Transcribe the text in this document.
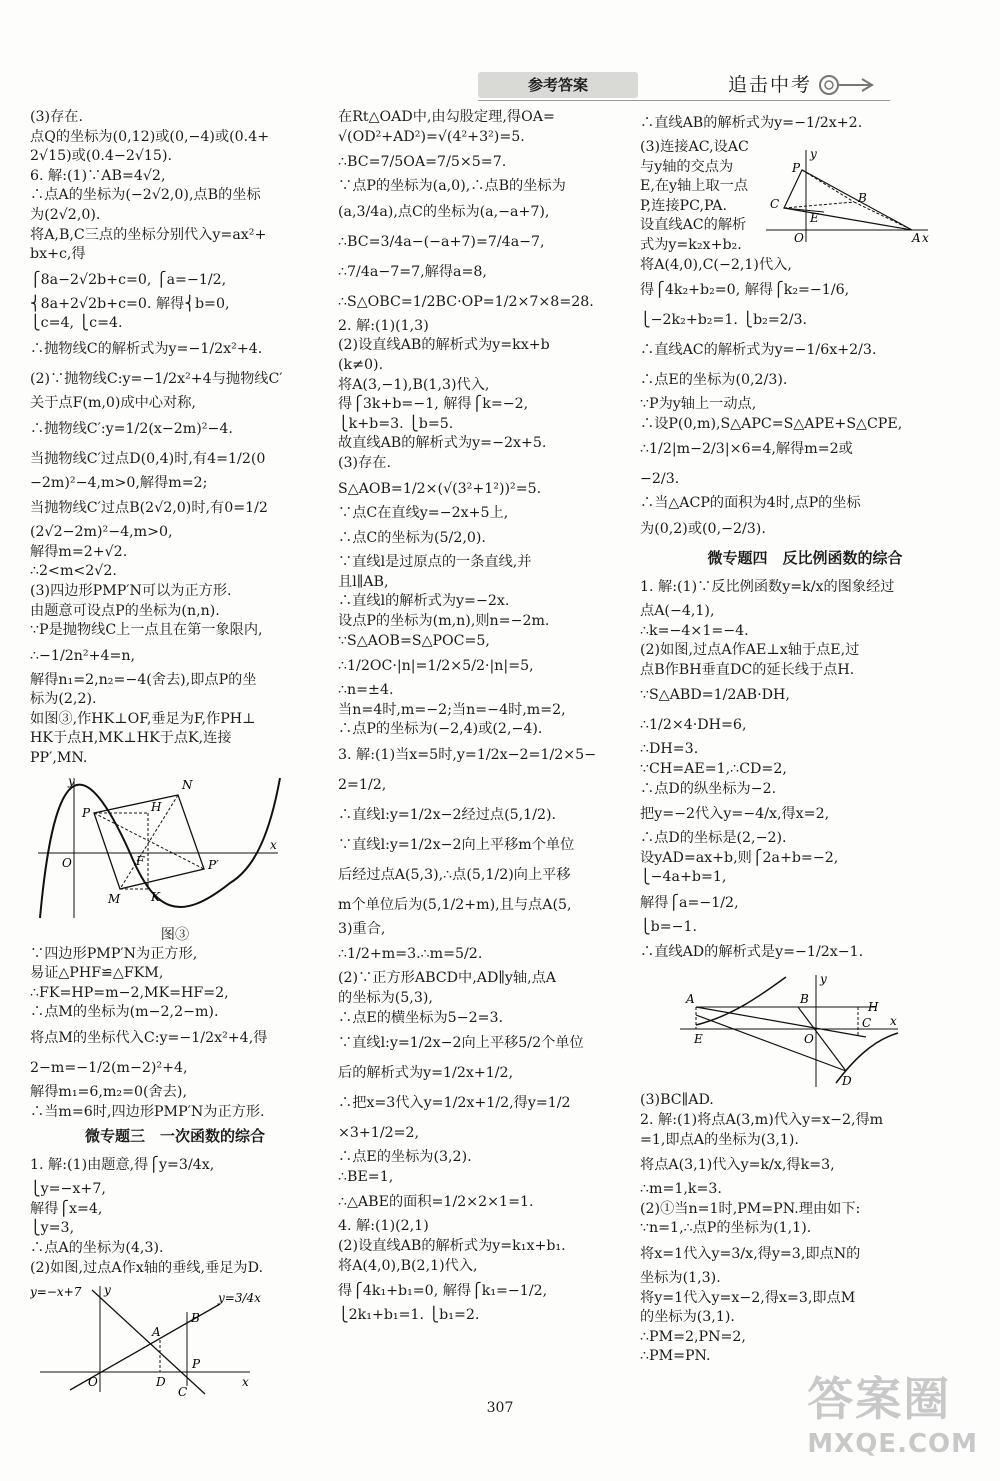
参考答案	追击中考
(3)存在.
点Q的坐标为(0,12)或(0,−4)或(0.4+
2√15)或(0.4−2√15).
6. 解:(1)∵AB=4√2,
∴点A的坐标为(−2√2,0),点B的坐标
为(2√2,0).
将A,B,C三点的坐标分别代入y=ax²+
bx+c,得
⎧8a−2√2b+c=0, ⎧a=−1/2,
⎨8a+2√2b+c=0. 解得⎨b=0,
⎩c=4, ⎩c=4.
∴抛物线C的解析式为y=−1/2x²+4.
(2)∵抛物线C:y=−1/2x²+4与抛物线C′
关于点F(m,0)成中心对称,
∴抛物线C′:y=1/2(x−2m)²−4.
当抛物线C′过点D(0,4)时,有4=1/2(0
−2m)²−4,m>0,解得m=2;
当抛物线C′过点B(2√2,0)时,有0=1/2
(2√2−2m)²−4,m>0,
解得m=2+√2.
∴2<m<2√2.
(3)四边形PMP′N可以为正方形.
由题意可设点P的坐标为(n,n).
∵P是抛物线C上一点且在第一象限内,
∴−1/2n²+4=n,
解得n₁=2,n₂=−4(舍去),即点P的坐
标为(2,2).
如图③,作HK⊥OF,垂足为F,作PH⊥
HK于点H,MK⊥HK于点K,连接
PP′,MN.
y
x
O
N
P	H
F	P′
M	K
图③
∵四边形PMP′N为正方形,
易证△PHF≌△FKM,
∴FK=HP=m−2,MK=HF=2,
∴点M的坐标为(m−2,2−m).
将点M的坐标代入C:y=−1/2x²+4,得
2−m=−1/2(m−2)²+4,
解得m₁=6,m₂=0(舍去),
∴当m=6时,四边形PMP′N为正方形.
微专题三　一次函数的综合
1. 解:(1)由题意,得⎧y=3/4x,
⎩y=−x+7,
解得⎧x=4,
⎩y=3,
∴点A的坐标为(4,3).
(2)如图,过点A作x轴的垂线,垂足为D.
y=−x+7	y=3/4x
A
B
C
D
O
P
x
y
在Rt△OAD中,由勾股定理,得OA=
√(OD²+AD²)=√(4²+3²)=5.
∴BC=7/5OA=7/5×5=7.
∵点P的坐标为(a,0),∴点B的坐标为
(a,3/4a),点C的坐标为(a,−a+7),
∴BC=3/4a−(−a+7)=7/4a−7,
∴7/4a−7=7,解得a=8,
∴S△OBC=1/2BC·OP=1/2×7×8=28.
2. 解:(1)(1,3)
(2)设直线AB的解析式为y=kx+b
(k≠0).
将A(3,−1),B(1,3)代入,
得⎧3k+b=−1, 解得⎧k=−2,
⎩k+b=3. ⎩b=5.
故直线AB的解析式为y=−2x+5.
(3)存在.
S△AOB=1/2×(√(3²+1²))²=5.
∵点C在直线y=−2x+5上,
∴点C的坐标为(5/2,0).
∵直线l是过原点的一条直线,并
且l∥AB,
∴直线l的解析式为y=−2x.
设点P的坐标为(m,n),则n=−2m.
∵S△AOB=S△POC=5,
∴1/2OC·|n|=1/2×5/2·|n|=5,
∴n=±4.
当n=4时,m=−2;当n=−4时,m=2,
∴点P的坐标为(−2,4)或(2,−4).
3. 解:(1)当x=5时,y=1/2x−2=1/2×5−
2=1/2,
∴直线l:y=1/2x−2经过点(5,1/2).
∵直线l:y=1/2x−2向上平移m个单位
后经过点A(5,3),∴点(5,1/2)向上平移
m个单位后为(5,1/2+m),且与点A(5,
3)重合,
∴1/2+m=3.∴m=5/2.
(2)∵正方形ABCD中,AD∥y轴,点A
的坐标为(5,3),
∴点E的横坐标为5−2=3.
∵直线l:y=1/2x−2向上平移5/2个单位
后的解析式为y=1/2x+1/2,
∴把x=3代入y=1/2x+1/2,得y=1/2
×3+1/2=2,
∴点E的坐标为(3,2).
∴BE=1,
∴△ABE的面积=1/2×2×1=1.
4. 解:(1)(2,1)
(2)设直线AB的解析式为y=k₁x+b₁.
将A(4,0),B(2,1)代入,
得⎧4k₁+b₁=0, 解得⎧k₁=−1/2,
⎩2k₁+b₁=1. ⎩b₁=2.
y
P
C	B
E
O	A x
∴直线AB的解析式为y=−1/2x+2.
(3)连接AC,设AC
与y轴的交点为
E,在y轴上取一点
P,连接PC,PA.
设直线AC的解析
式为y=k₂x+b₂.
将A(4,0),C(−2,1)代入,
得⎧4k₂+b₂=0, 解得⎧k₂=−1/6,
⎩−2k₂+b₂=1. ⎩b₂=2/3.
∴直线AC的解析式为y=−1/6x+2/3.
∴点E的坐标为(0,2/3).
∵P为y轴上一动点,
∴设P(0,m),S△APC=S△APE+S△CPE,
∴1/2|m−2/3|×6=4,解得m=2或
−2/3.
∴当△ACP的面积为4时,点P的坐标
为(0,2)或(0,−2/3).
微专题四　反比例函数的综合
1. 解:(1)∵反比例函数y=k/x的图象经过
点A(−4,1),
∴k=−4×1=−4.
(2)如图,过点A作AE⊥x轴于点E,过
点B作BH垂直DC的延长线于点H.
∵S△ABD=1/2AB·DH,
∴1/2×4·DH=6,
∴DH=3.
∵CH=AE=1,∴CD=2,
∴点D的纵坐标为−2.
把y=−2代入y=−4/x,得x=2,
∴点D的坐标是(2,−2).
设yAD=ax+b,则⎧2a+b=−2,
⎩−4a+b=1,
解得⎧a=−1/2,
⎩b=−1.
∴直线AD的解析式是y=−1/2x−1.
y
A	B
H
C
E	O
D
x
(3)BC∥AD.
2. 解:(1)将点A(3,m)代入y=x−2,得m
=1,即点A的坐标为(3,1).
将点A(3,1)代入y=k/x,得k=3,
∴m=1,k=3.
(2)①当n=1时,PM=PN.理由如下:
∵n=1,∴点P的坐标为(1,1).
将x=1代入y=3/x,得y=3,即点N的
坐标为(1,3).
将y=1代入y=x−2,得x=3,即点M
的坐标为(3,1).
∴PM=2,PN=2,
∴PM=PN.
307	答案圈
MXQE.COM
